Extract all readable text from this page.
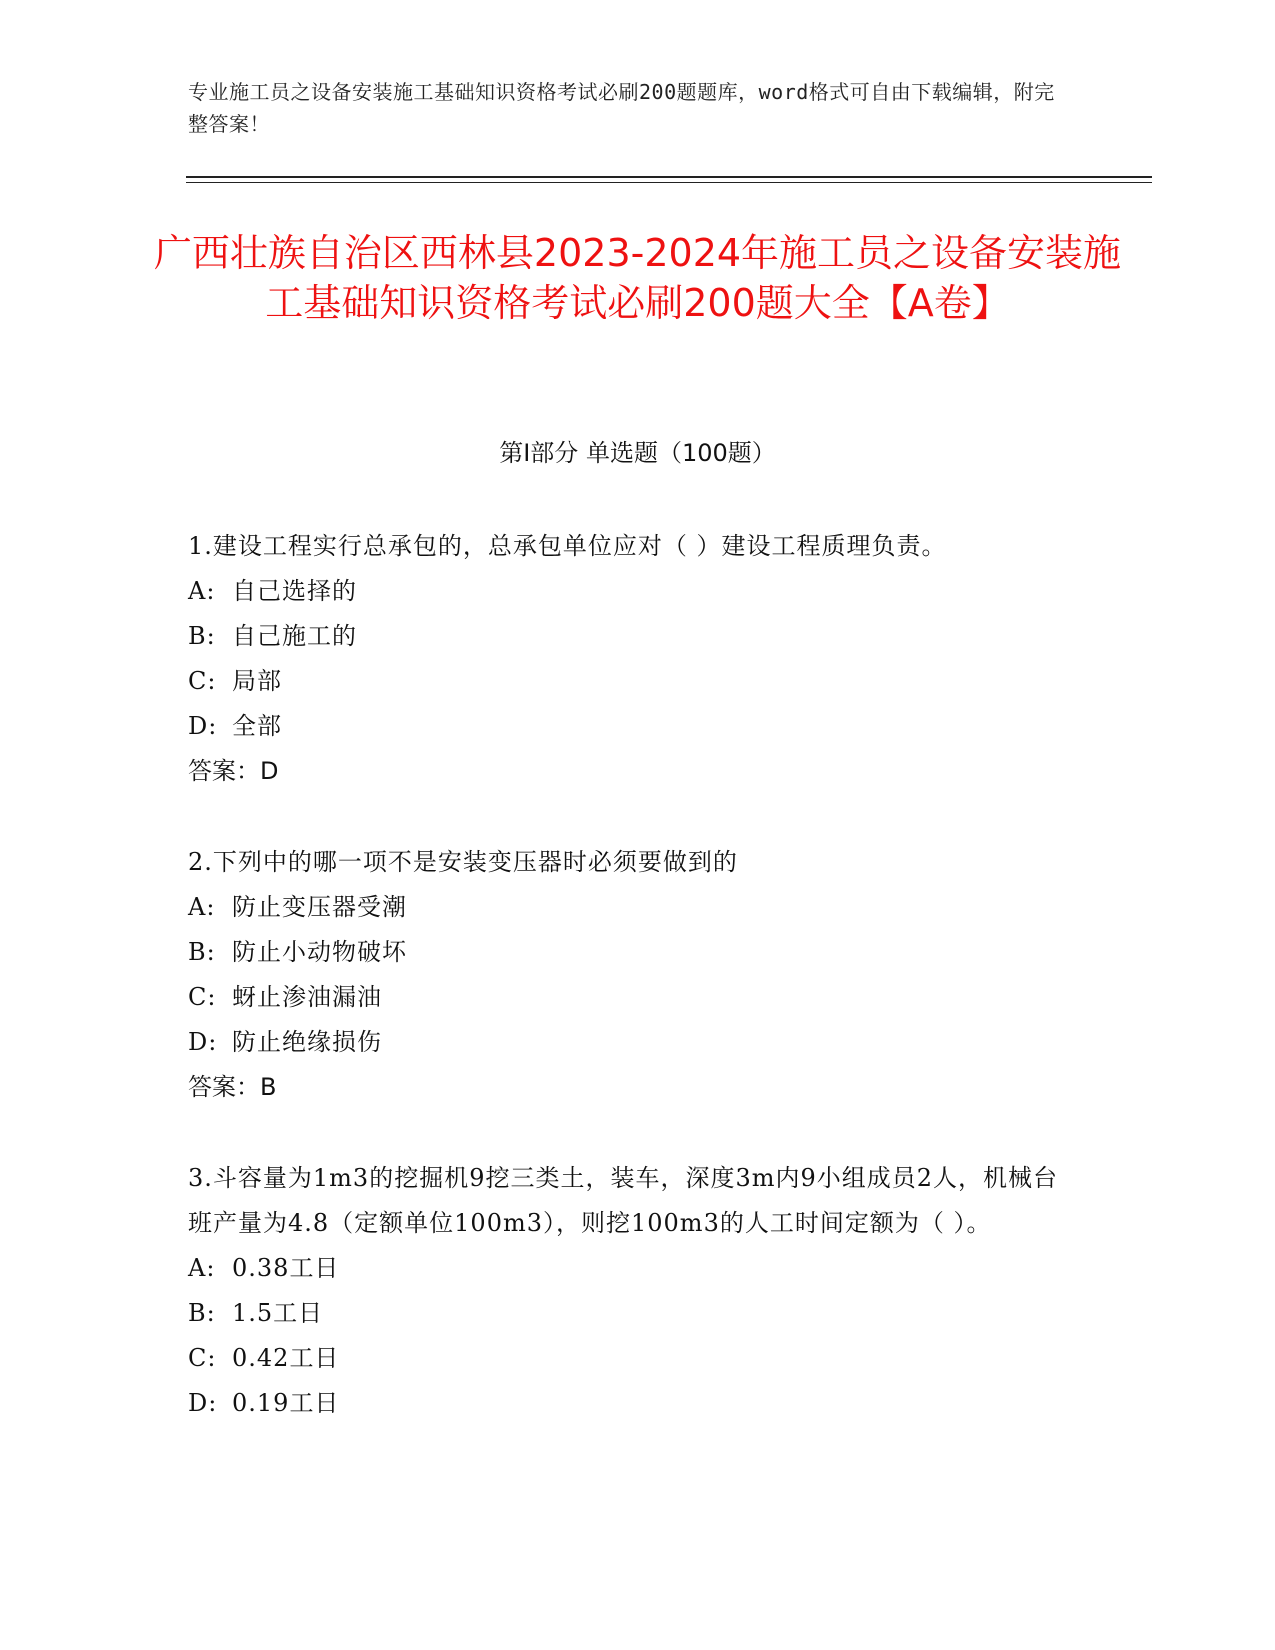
专业施工员之设备安装施工基础知识资格考试必刷200题题库，word格式可自由下载编辑，附完整答案！
广西壮族自治区西林县2023-2024年施工员之设备安装施工基础知识资格考试必刷200题大全【A卷】
第I部分 单选题（100题）
1.建设工程实行总承包的，总承包单位应对（ ）建设工程质理负责。
A: 自己选择的
B: 自己施工的
C: 局部
D: 全部
答案：D
2.下列中的哪一项不是安装变压器时必须要做到的
A: 防止变压器受潮
B: 防止小动物破坏
C: 蚜止渗油漏油
D: 防止绝缘损伤
答案：B
3.斗容量为1m3的挖掘机9挖三类土，装车，深度3m内9小组成员2人，机械台班产量为4.8（定额单位100m3），则挖100m3的人工时间定额为（ ）。
A: 0.38工日
B: 1.5工日
C: 0.42工日
D: 0.19工日
